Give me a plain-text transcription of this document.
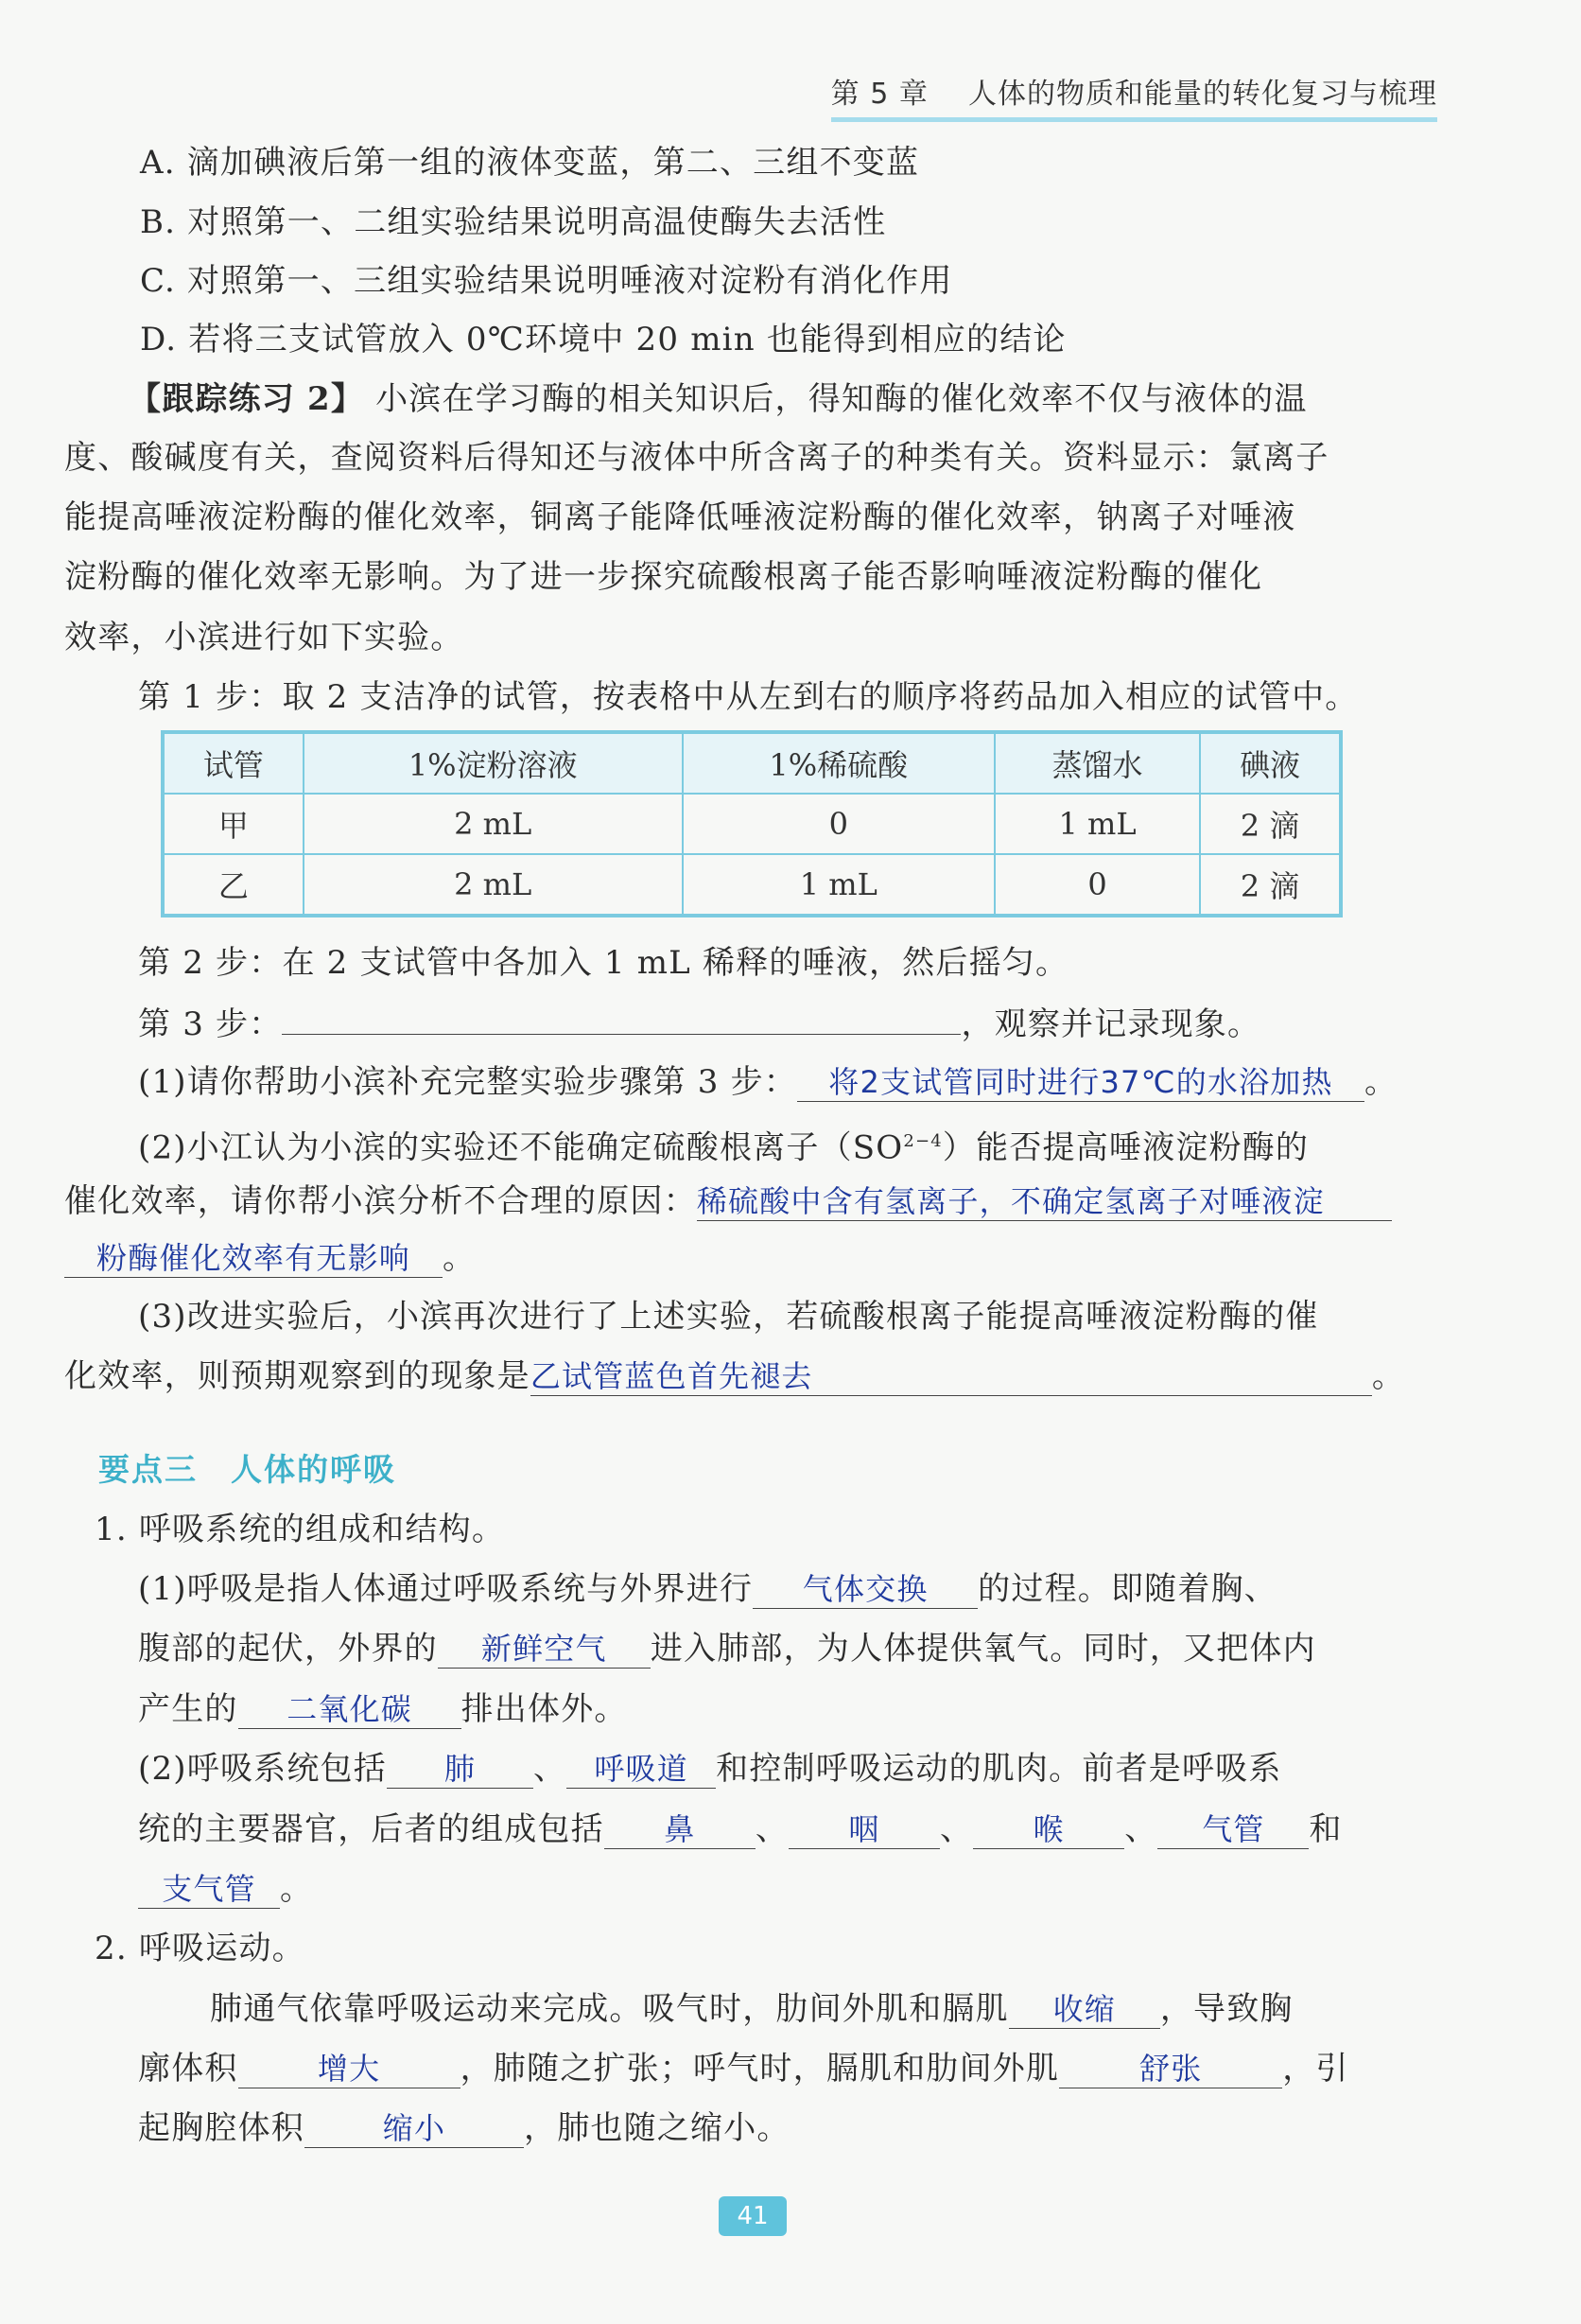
第 5 章 人体的物质和能量的转化复习与梳理
A. 滴加碘液后第一组的液体变蓝，第二、三组不变蓝
B. 对照第一、二组实验结果说明高温使酶失去活性
C. 对照第一、三组实验结果说明唾液对淀粉有消化作用
D. 若将三支试管放入 0℃环境中 20 min 也能得到相应的结论
【跟踪练习 2】 小滨在学习酶的相关知识后，得知酶的催化效率不仅与液体的温
度、酸碱度有关，查阅资料后得知还与液体中所含离子的种类有关。资料显示：氯离子
能提高唾液淀粉酶的催化效率，铜离子能降低唾液淀粉酶的催化效率，钠离子对唾液
淀粉酶的催化效率无影响。为了进一步探究硫酸根离子能否影响唾液淀粉酶的催化
效率，小滨进行如下实验。
第 1 步：取 2 支洁净的试管，按表格中从左到右的顺序将药品加入相应的试管中。
试管	1%淀粉溶液	1%稀硫酸	蒸馏水	碘液
甲	2 mL	0	1 mL	2 滴
乙	2 mL	1 mL	0	2 滴
第 2 步：在 2 支试管中各加入 1 mL 稀释的唾液，然后摇匀。
第 3 步：	，观察并记录现象。
(1)请你帮助小滨补充完整实验步骤第 3 步： 将2支试管同时进行37℃的水浴加热 。
(2)小江认为小滨的实验还不能确定硫酸根离子$(SO^{2-4})$能否提高唾液淀粉酶的
催化效率，请你帮小滨分析不合理的原因：稀硫酸中含有氢离子，不确定氢离子对唾液淀
粉酶催化效率有无影响 。
(3)改进实验后，小滨再次进行了上述实验，若硫酸根离子能提高唾液淀粉酶的催
化效率，则预期观察到的现象是乙试管蓝色首先褪去	。
要点三　人体的呼吸
1. 呼吸系统的组成和结构。
(1)呼吸是指人体通过呼吸系统与外界进行 气体交换 的过程。即随着胸、
腹部的起伏，外界的 新鲜空气 进入肺部，为人体提供氧气。同时，又把体内
产生的 二氧化碳 排出体外。
(2)呼吸系统包括 肺 、 呼吸道 和控制呼吸运动的肌肉。前者是呼吸系
统的主要器官，后者的组成包括 鼻 、 咽 、 喉 、 气管 和
支气管 。
2. 呼吸运动。
肺通气依靠呼吸运动来完成。吸气时，肋间外肌和膈肌 收缩 ，导致胸
廓体积	增大 ，肺随之扩张；呼气时，膈肌和肋间外肌	舒张 ，引
起胸腔体积	缩小 ，肺也随之缩小。
41
